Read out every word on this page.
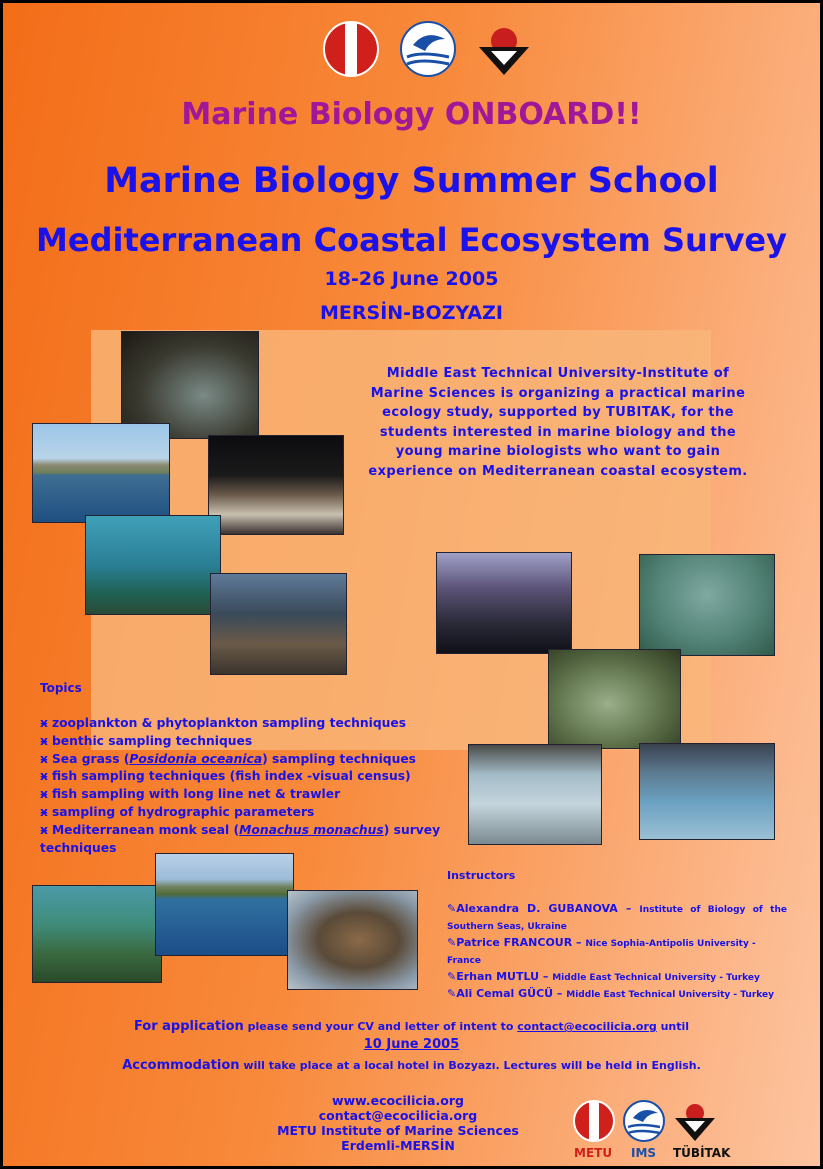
Marine Biology ONBOARD!!
Marine Biology Summer School
Mediterranean Coastal Ecosystem Survey
18-26 June 2005
MERSİN-BOZYAZI
Middle East Technical University-Institute of Marine Sciences is organizing a practical marine ecology study, supported by TUBITAK, for the students interested in marine biology and the young marine biologists who want to gain experience on Mediterranean coastal ecosystem.
Topics
ӿ zooplankton & phytoplankton sampling techniques
ӿ benthic sampling techniques
ӿ Sea grass (Posidonia oceanica) sampling techniques
ӿ fish sampling techniques (fish index -visual census)
ӿ fish sampling with long line net & trawler
ӿ sampling of hydrographic parameters
ӿ Mediterranean monk seal (Monachus monachus) survey
techniques
Instructors
✎Alexandra D. GUBANOVA – Institute of Biology of the Southern Seas, Ukraine
✎Patrice FRANCOUR – Nice Sophia-Antipolis University - France
✎Erhan MUTLU – Middle East Technical University - Turkey
✎Ali Cemal GÜCÜ – Middle East Technical University - Turkey
For application please send your CV and letter of intent to contact@ecocilicia.org until
10 June 2005
Accommodation will take place at a local hotel in Bozyazı. Lectures will be held in English.
www.ecocilicia.org
contact@ecocilicia.org
METU Institute of Marine Sciences
Erdemli-MERSİN	METU IMS TÜBİTAK
